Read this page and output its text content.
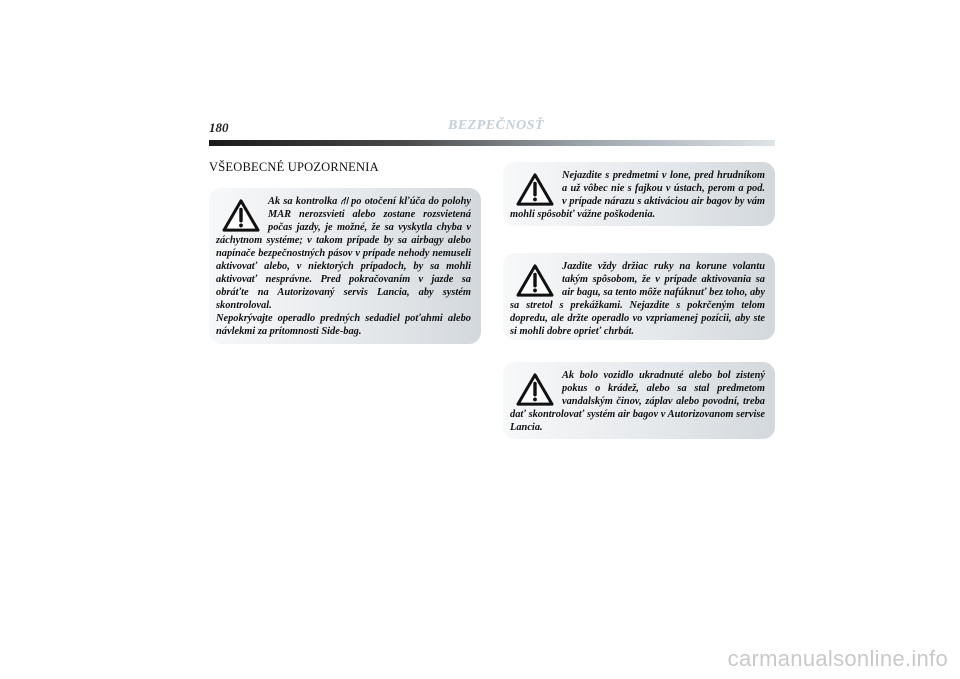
180	BEZPEČNOSŤ
VŠEOBECNÉ UPOZORNENIA

Ak sa kontrolka ⛙ po otočení kľúča do polohy MAR nerozsvieti alebo zostane rozsvietená počas jazdy, je možné, že sa vyskytla chyba v záchytnom systéme; v takom prípade by sa airbagy alebo napínače bezpečnostných pásov v prípade nehody nemuseli aktivovať alebo, v niektorých prípadoch, by sa mohli aktivovať nesprávne. Pred pokračovaním v jazde sa obráťte na Autorizovaný servis Lancia, aby systém skontroloval.

Nepokrývajte operadlo predných sedadiel poťahmi alebo návlekmi za prítomnosti Side-bag.

Nejazdite s predmetmi v lone, pred hrudníkom a už vôbec nie s fajkou v ústach, perom a pod. v prípade nárazu s aktiváciou air bagov by vám mohli spôsobiť vážne poškodenia.

Jazdite vždy držiac ruky na korune volantu takým spôsobom, že v prípade aktivovania sa air bagu, sa tento môže nafúknuť bez toho, aby sa stretol s prekážkami. Nejazdite s pokrčeným telom dopredu, ale držte operadlo vo vzpriamenej pozícii, aby ste si mohli dobre oprieť chrbát.

Ak bolo vozidlo ukradnuté alebo bol zistený pokus o krádež, alebo sa stal predmetom vandalským činov, záplav alebo povodní, treba dať skontrolovať systém air bagov v Autorizovanom servise Lancia.

carmanualsonline.info
